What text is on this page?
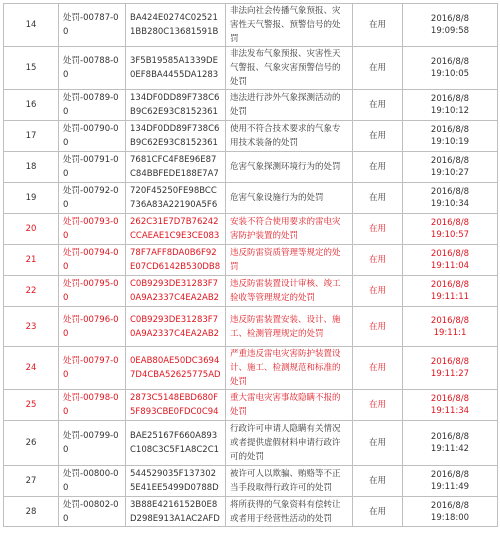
14	处罚-00787-00	BA424E0274C025211BB280C13681591B	非法向社会传播气象预报、灾害性天气警报、预警信号的处罚	在用	2016/8/8
19:09:58

15	处罚-00788-00	3F5B19585A1339DE0EF8BA4455DA1283	非法发布气象预报、灾害性天气警报、气象灾害预警信号的处罚	在用	2016/8/8
19:10:05

16	处罚-00789-00	134DF0DD89F738C6B9C62E93C8152361	违法进行涉外气象探测活动的处罚	在用	2016/8/8
19:10:12

17	处罚-00790-00	134DF0DD89F738C6B9C62E93C8152361	使用不符合技术要求的气象专用技术装备的处罚	在用	2016/8/8
19:10:19

18	处罚-00791-00	7681CFC4F8E96E87C84BBFEDE188E7A7	危害气象探测环境行为的处罚	在用	2016/8/8
19:10:27

19	处罚-00792-00	720F45250FE98BCC736A83A22190A5F6	危害气象设施行为的处罚	在用	2016/8/8
19:10:34

20	处罚-00793-00	262C31E7D7B76242CCAEAE1C9E3CE083	安装不符合使用要求的雷电灾害防护装置的处罚	在用	2016/8/8
19:10:57

21	处罚-00794-00	78F7AFF8DA0B6F92E07CD6142B530DB8	违反防雷资质管理等规定的处罚	在用	2016/8/8
19:11:04

22	处罚-00795-00	C0B9293DE31283F70A9A2337C4EA2AB2	违反防雷装置设计审核、竣工验收等管理规定的处罚	在用	2016/8/8
19:11:11

23	处罚-00796-00	C0B9293DE31283F70A9A2337C4EA2AB2	违反防雷装置安装、设计、施工、检测管理规定的处罚	在用	2016/8/8
19:11:1

24	处罚-00797-00	0EAB80AE50DC36947D4CBA52625775AD	严重违反雷电灾害防护装置设计、施工、检测规范和标准的处罚	在用	2016/8/8
19:11:27

25	处罚-00798-00	2873C5148EBD680F5F893CBE0FDC0C94	重大雷电灾害事故隐瞒不报的处罚	在用	2016/8/8
19:11:34

26	处罚-00799-00	BAE25167F660A893C108C3C5F1A8C2C1	行政许可申请人隐瞒有关情况或者提供虚假材料申请行政许可的处罚	在用	2016/8/8
19:11:42

27	处罚-00800-00	544529035F1373025E41EE5499D0788D	被许可人以欺骗、贿赂等不正当手段取得行政许可的处罚	在用	2016/8/8
19:11:49

28	处罚-00802-00	3B88E4216152B0E8D298E913A1AC2AFD	将所获得的气象资料有偿转让或者用于经营性活动的处罚	在用	2016/8/8
19:18:00
